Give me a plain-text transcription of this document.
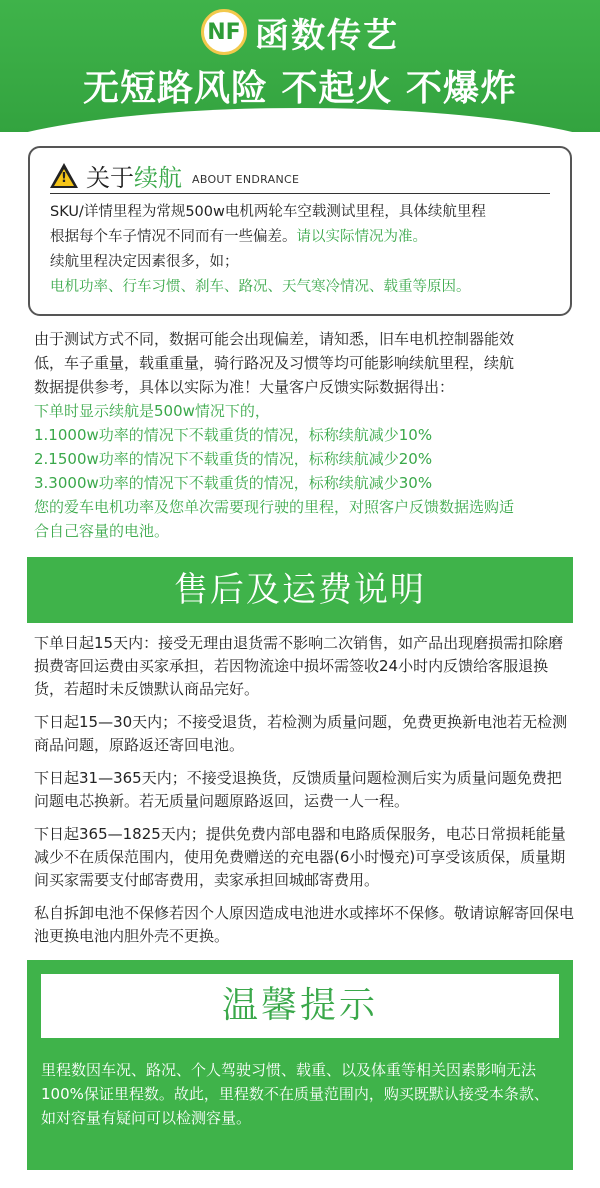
NF 函数传艺
无短路风险 不起火 不爆炸
! 关于 续航 ABOUT ENDRANCE
SKU/详情里程为常规500w电机两轮车空载测试里程，具体续航里程
根据每个车子情况不同而有一些偏差。请以实际情况为准。
续航里程决定因素很多，如；
电机功率、行车习惯、刹车、路况、天气寒冷情况、载重等原因。
由于测试方式不同，数据可能会出现偏差，请知悉，旧车电机控制器能效
低，车子重量，载重重量，骑行路况及习惯等均可能影响续航里程，续航
数据提供参考，具体以实际为准！大量客户反馈实际数据得出：
下单时显示续航是500w情况下的，
1.1000w功率的情况下不载重货的情况，标称续航减少10%
2.1500w功率的情况下不载重货的情况，标称续航减少20%
3.3000w功率的情况下不载重货的情况，标称续航减少30%
您的爱车电机功率及您单次需要现行驶的里程，对照客户反馈数据选购适
合自己容量的电池。
售后及运费说明

下单日起15天内：接受无理由退货需不影响二次销售，如产品出现磨损需扣除磨损费寄回运费由买家承担，若因物流途中损坏需签收24小时内反馈给客服退换货，若超时未反馈默认商品完好。

下日起15—30天内；不接受退货，若检测为质量问题，免费更换新电池若无检测商品问题，原路返还寄回电池。

下日起31—365天内；不接受退换货，反馈质量问题检测后实为质量问题免费把问题电芯换新。若无质量问题原路返回，运费一人一程。

下日起365—1825天内；提供免费内部电器和电路质保服务，电芯日常损耗能量减少不在质保范围内，使用免费赠送的充电器(6小时慢充)可享受该质保，质量期间买家需要支付邮寄费用，卖家承担回城邮寄费用。

私自拆卸电池不保修若因个人原因造成电池进水或摔坏不保修。敬请谅解寄回保电池更换电池内胆外壳不更换。

温馨提示
里程数因车况、路况、个人驾驶习惯、载重、以及体重等相关因素影响无法100%保证里程数。故此，里程数不在质量范围内，购买既默认接受本条款、如对容量有疑问可以检测容量。
